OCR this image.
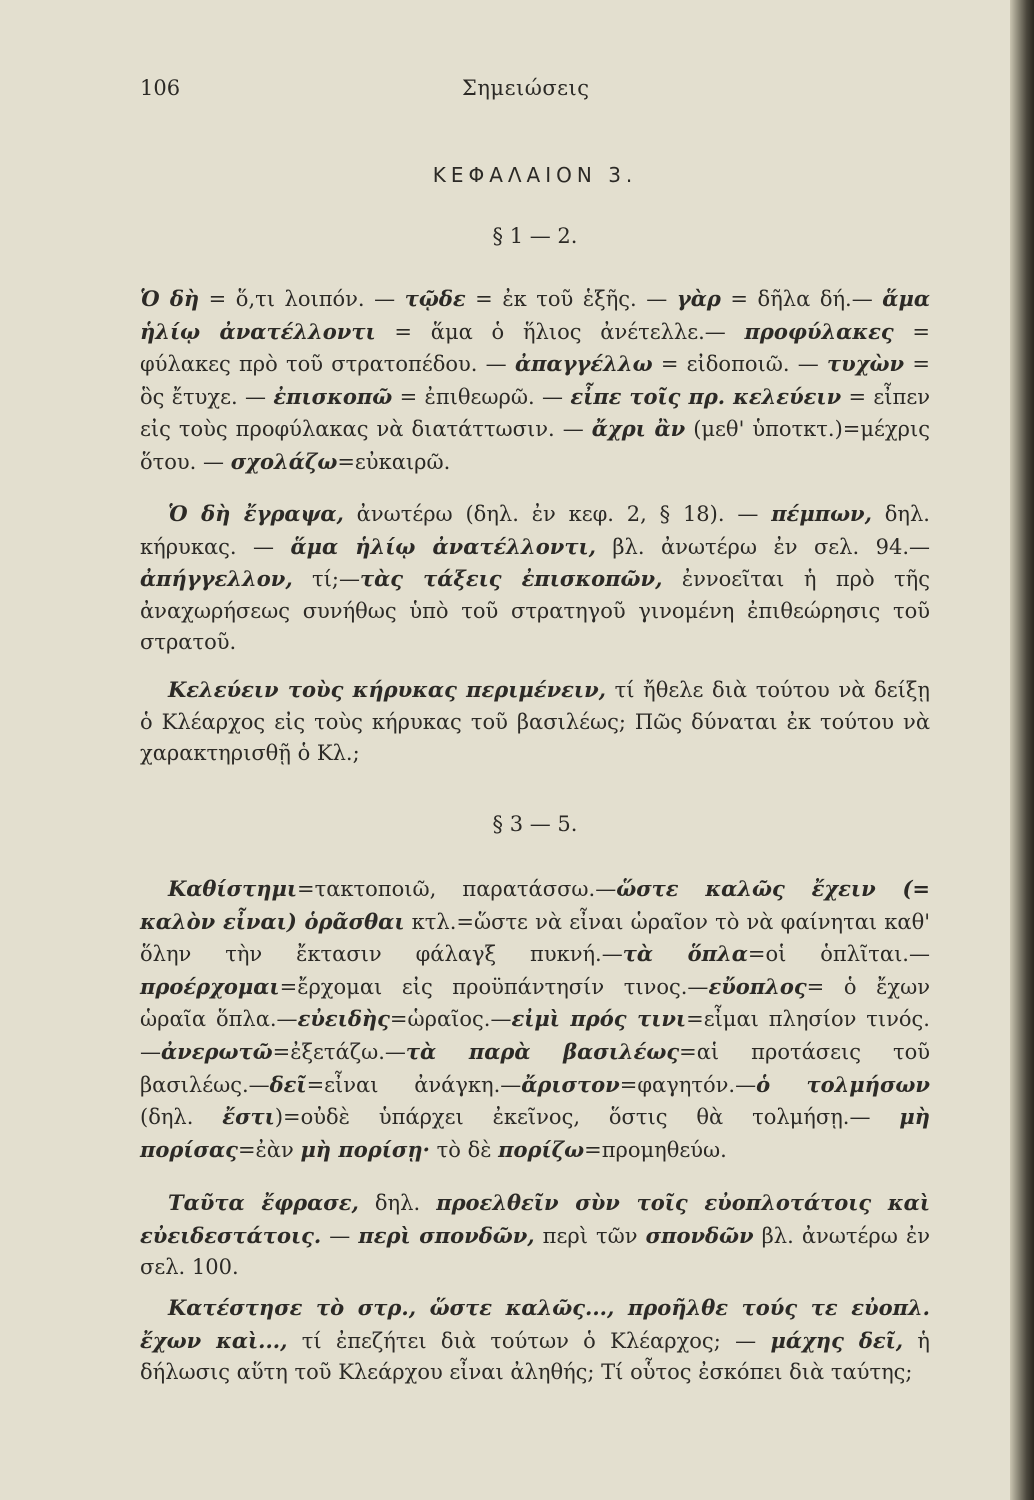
106	Σημειώσεις
ΚΕΦΑΛΑΙΟΝ 3.
§ 1 — 2.

Ὁ δὴ = ὅ,τι λοιπόν. — τῷδε = ἐκ τοῦ ἑξῆς. — γὰρ = δῆλα δή.— ἅμα ἡλίῳ ἀνατέλλοντι = ἅμα ὁ ἥλιος ἀνέτελλε.— προφύλακες = φύλακες πρὸ τοῦ στρατοπέδου. — ἀπαγγέλλω = εἰδοποιῶ. — τυχὼν = ὃς ἔτυχε. — ἐπισκοπῶ = ἐπιθεωρῶ. — εἶπε τοῖς πρ. κελεύειν = εἶπεν εἰς τοὺς προφύλακας νὰ διατάττωσιν. — ἄχρι ἂν (μεθ' ὑποτκτ.)=μέχρις ὅτου. — σχολάζω=εὐκαιρῶ.

Ὁ δὴ ἔγραψα, ἀνωτέρω (δηλ. ἐν κεφ. 2, § 18). — πέμπων, δηλ. κήρυκας. — ἅμα ἡλίῳ ἀνατέλλοντι, βλ. ἀνωτέρω ἐν σελ. 94.—ἀπήγγελλον, τί;—τὰς τάξεις ἐπισκοπῶν, ἐννοεῖται ἡ πρὸ τῆς ἀναχωρήσεως συνήθως ὑπὸ τοῦ στρατηγοῦ γινομένη ἐπιθεώρησις τοῦ στρατοῦ.

Κελεύειν τοὺς κήρυκας περιμένειν, τί ἤθελε διὰ τούτου νὰ δείξῃ ὁ Κλέαρχος εἰς τοὺς κήρυκας τοῦ βασιλέως; Πῶς δύναται ἐκ τούτου νὰ χαρακτηρισθῇ ὁ Κλ.;

§ 3 — 5.

Καθίστημι=τακτοποιῶ, παρατάσσω.—ὥστε καλῶς ἔχειν (= καλὸν εἶναι) ὁρᾶσθαι κτλ.=ὥστε νὰ εἶναι ὡραῖον τὸ νὰ φαίνηται καθ' ὅλην τὴν ἔκτασιν φάλαγξ πυκνή.—τὰ ὅπλα=οἱ ὁπλῖται.— προέρχομαι=ἔρχομαι εἰς προϋπάντησίν τινος.—εὔοπλος= ὁ ἔχων ὡραῖα ὅπλα.—εὐειδὴς=ὡραῖος.—εἰμὶ πρός τινι=εἶμαι πλησίον τινός.—ἀνερωτῶ=ἐξετάζω.—τὰ παρὰ βασιλέως=αἱ προτάσεις τοῦ βασιλέως.—δεῖ=εἶναι ἀνάγκη.—ἄριστον=φαγητόν.—ὁ τολμήσων (δηλ. ἔστι)=οὐδὲ ὑπάρχει ἐκεῖνος, ὅστις θὰ τολμήσῃ.— μὴ πορίσας=ἐὰν μὴ πορίσῃ· τὸ δὲ πορίζω=προμηθεύω.

Ταῦτα ἔφρασε, δηλ. προελθεῖν σὺν τοῖς εὐοπλοτάτοις καὶ εὐειδεστάτοις. — περὶ σπονδῶν, περὶ τῶν σπονδῶν βλ. ἀνωτέρω ἐν σελ. 100.

Κατέστησε τὸ στρ., ὥστε καλῶς..., προῆλθε τούς τε εὐοπλ. ἔχων καὶ..., τί ἐπεζήτει διὰ τούτων ὁ Κλέαρχος; — μάχης δεῖ, ἡ δήλωσις αὕτη τοῦ Κλεάρχου εἶναι ἀληθής; Τί οὗτος ἐσκόπει διὰ ταύτης;
